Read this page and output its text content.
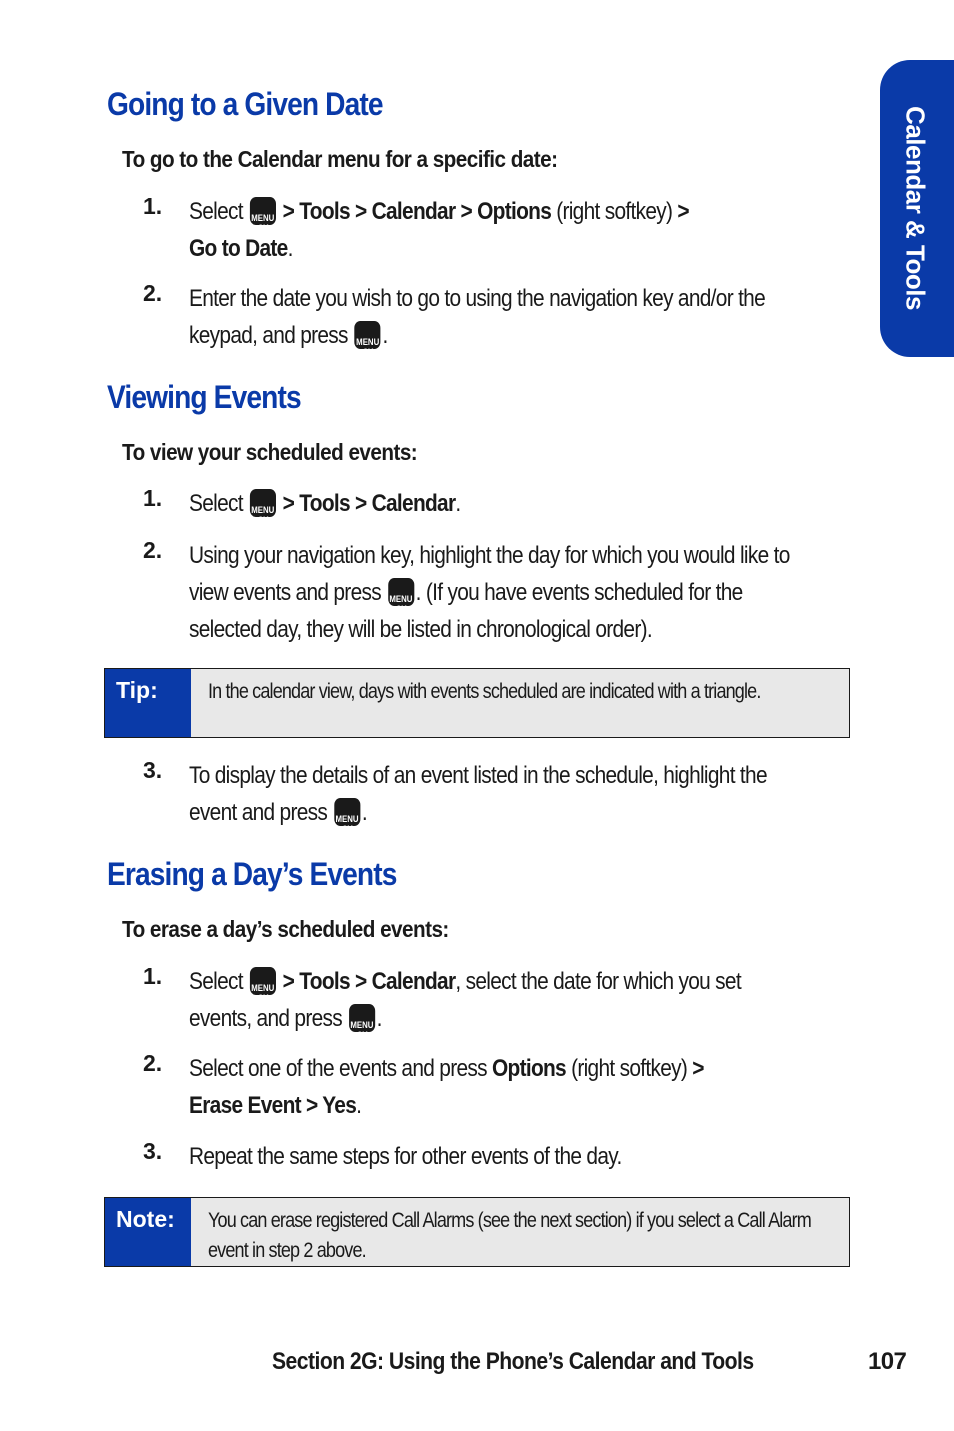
Calendar & Tools
Going to a Given Date

To go to the Calendar menu for a specific date:

1. Select MENU OK > Tools > Calendar > Options (right softkey) >
Go to Date.
2. Enter the date you wish to go to using the navigation key and/or the keypad, and press MENU OK.
Viewing Events

To view your scheduled events:

1. Select MENU OK > Tools > Calendar.
2. Using your navigation key, highlight the day for which you would like to view events and press MENU OK. (If you have events scheduled for the selected day, they will be listed in chronological order).
Tip:	In the calendar view, days with events scheduled are indicated with a triangle.
3. To display the details of an event listed in the schedule, highlight the event and press MENU OK.
Erasing a Day’s Events

To erase a day’s scheduled events:

1. Select MENU OK > Tools > Calendar, select the date for which you set events, and press MENU OK.
2. Select one of the events and press Options (right softkey) >
Erase Event > Yes.
3. Repeat the same steps for other events of the day.
Note:	You can erase registered Call Alarms (see the next section) if you select a Call Alarm event in step 2 above.
Section 2G: Using the Phone’s Calendar and Tools	107
